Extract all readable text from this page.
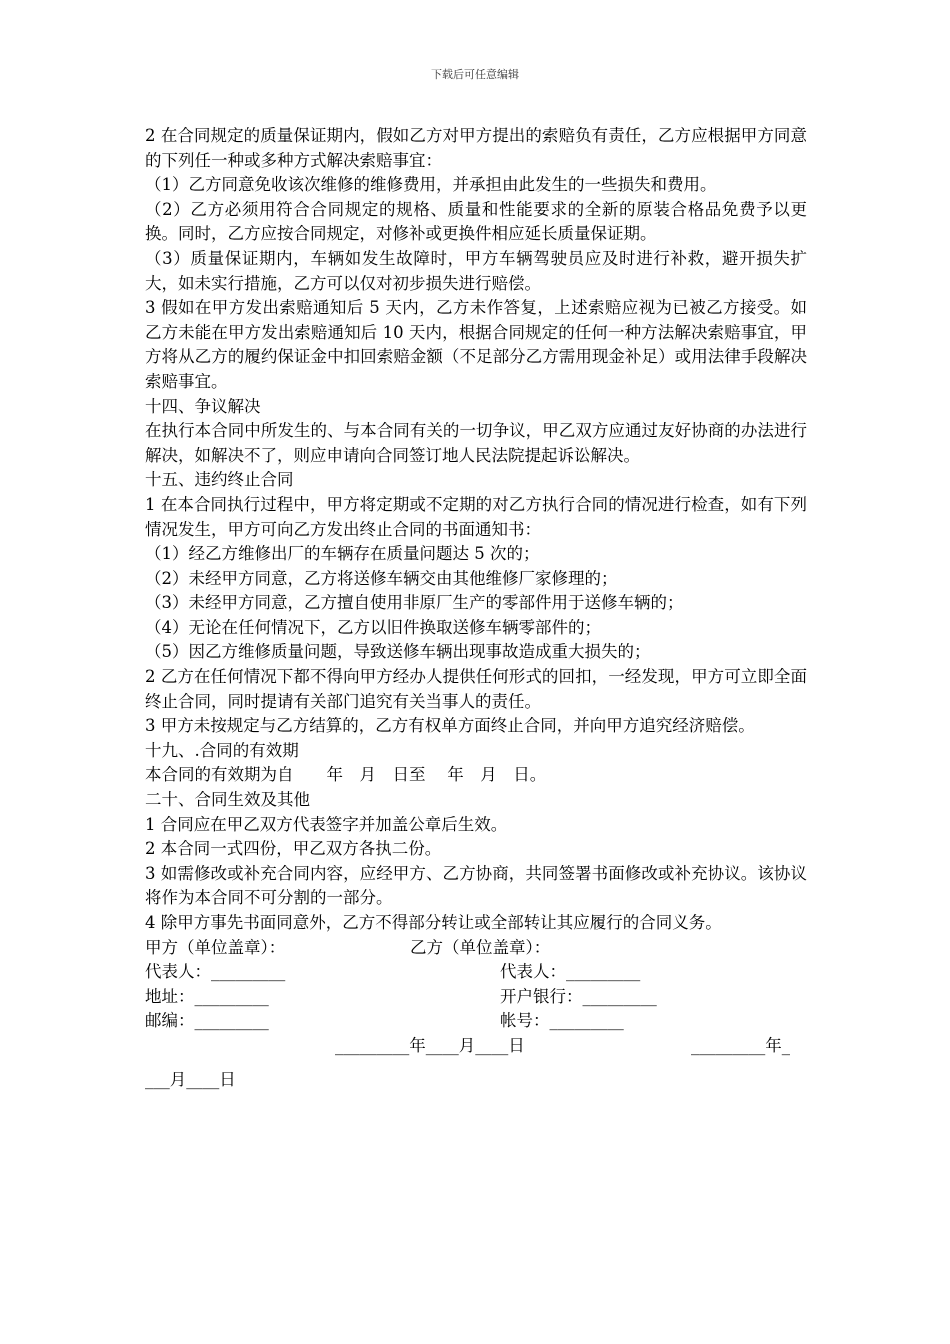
下载后可任意编辑

2 在合同规定的质量保证期内，假如乙方对甲方提出的索赔负有责任，乙方应根据甲方同意的下列任一种或多种方式解决索赔事宜：

（1）乙方同意免收该次维修的维修费用，并承担由此发生的一些损失和费用。

（2）乙方必须用符合合同规定的规格、质量和性能要求的全新的原装合格品免费予以更换。同时，乙方应按合同规定，对修补或更换件相应延长质量保证期。

（3）质量保证期内，车辆如发生故障时，甲方车辆驾驶员应及时进行补救，避开损失扩大，如未实行措施，乙方可以仅对初步损失进行赔偿。

3 假如在甲方发出索赔通知后 5 天内，乙方未作答复，上述索赔应视为已被乙方接受。如乙方未能在甲方发出索赔通知后 10 天内，根据合同规定的任何一种方法解决索赔事宜，甲方将从乙方的履约保证金中扣回索赔金额（不足部分乙方需用现金补足）或用法律手段解决索赔事宜。

十四、争议解决

在执行本合同中所发生的、与本合同有关的一切争议，甲乙双方应通过友好协商的办法进行解决，如解决不了，则应申请向合同签订地人民法院提起诉讼解决。

十五、违约终止合同

1 在本合同执行过程中，甲方将定期或不定期的对乙方执行合同的情况进行检查，如有下列情况发生，甲方可向乙方发出终止合同的书面通知书：

（1）经乙方维修出厂的车辆存在质量问题达 5 次的；

（2）未经甲方同意，乙方将送修车辆交由其他维修厂家修理的；

（3）未经甲方同意，乙方擅自使用非原厂生产的零部件用于送修车辆的；

（4）无论在任何情况下，乙方以旧件换取送修车辆零部件的；

（5）因乙方维修质量问题，导致送修车辆出现事故造成重大损失的；

2 乙方在任何情况下都不得向甲方经办人提供任何形式的回扣，一经发现，甲方可立即全面终止合同，同时提请有关部门追究有关当事人的责任。

3 甲方未按规定与乙方结算的，乙方有权单方面终止合同，并向甲方追究经济赔偿。

十九、.合同的有效期

本合同的有效期为自　　年　月　日至　 年　月　日。

二十、合同生效及其他

1 合同应在甲乙双方代表签字并加盖公章后生效。

2 本合同一式四份，甲乙双方各执二份。

3 如需修改或补充合同内容，应经甲方、乙方协商，共同签署书面修改或补充协议。该协议将作为本合同不可分割的一部分。

4 除甲方事先书面同意外，乙方不得部分转让或全部转让其应履行的合同义务。

甲方（单位盖章）：

	乙方（单位盖章）：

代表人：_________

	代表人：_________

地址：_________

	开户银行：_________

邮编：_________

	帐号：_________

_________年____月____日

	_________年_

___月____日
